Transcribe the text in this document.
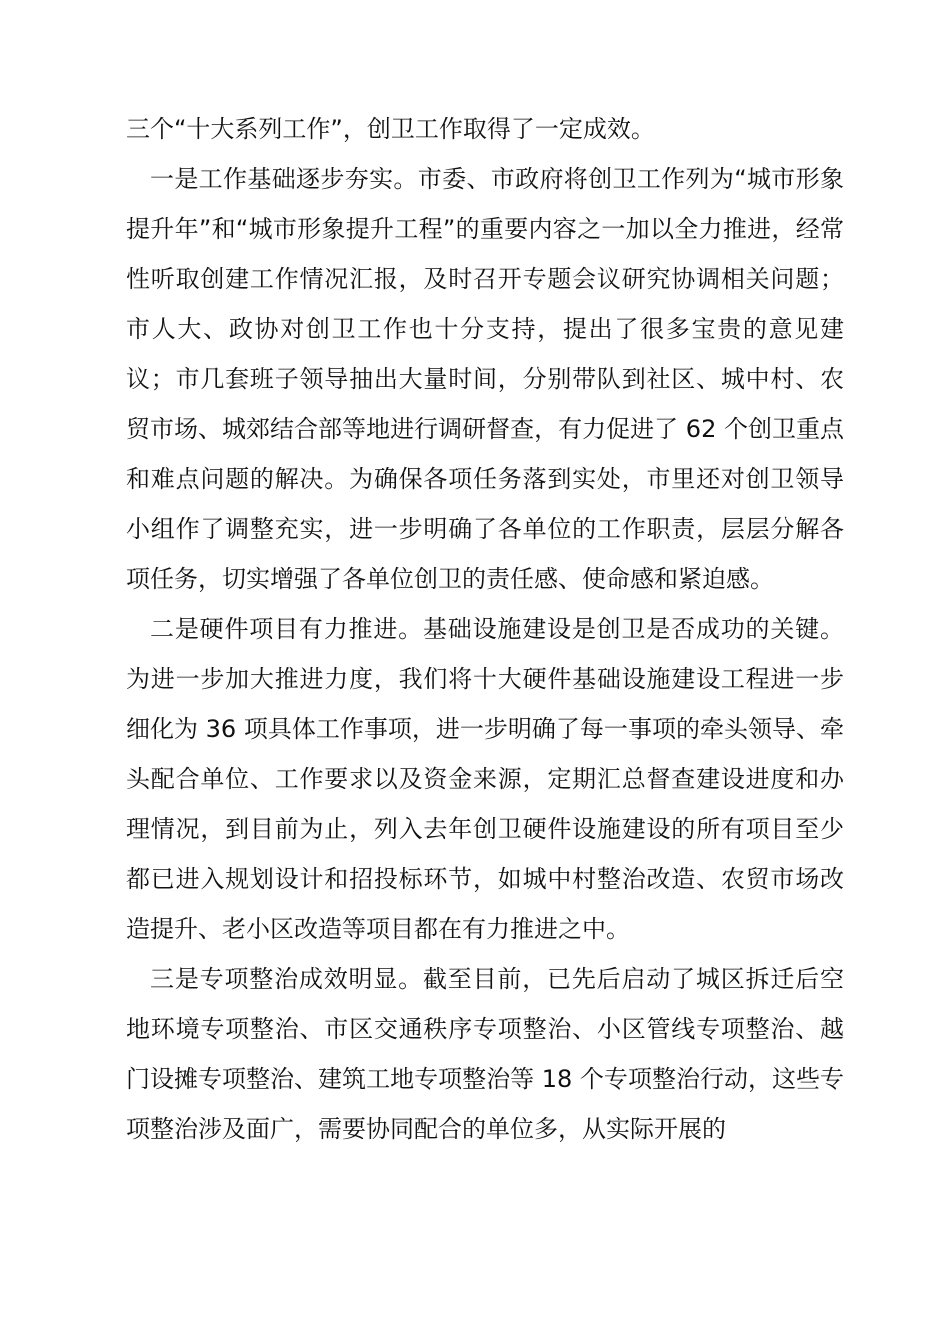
三个“十大系列工作”，创卫工作取得了一定成效。

一是工作基础逐步夯实。市委、市政府将创卫工作列为“城市形象提升年”和“城市形象提升工程”的重要内容之一加以全力推进，经常性听取创建工作情况汇报，及时召开专题会议研究协调相关问题；市人大、政协对创卫工作也十分支持，提出了很多宝贵的意见建议；市几套班子领导抽出大量时间，分别带队到社区、城中村、农贸市场、城郊结合部等地进行调研督查，有力促进了 62 个创卫重点和难点问题的解决。为确保各项任务落到实处，市里还对创卫领导小组作了调整充实，进一步明确了各单位的工作职责，层层分解各项任务，切实增强了各单位创卫的责任感、使命感和紧迫感。

二是硬件项目有力推进。基础设施建设是创卫是否成功的关键。为进一步加大推进力度，我们将十大硬件基础设施建设工程进一步细化为 36 项具体工作事项，进一步明确了每一事项的牵头领导、牵头配合单位、工作要求以及资金来源，定期汇总督查建设进度和办理情况，到目前为止，列入去年创卫硬件设施建设的所有项目至少都已进入规划设计和招投标环节，如城中村整治改造、农贸市场改造提升、老小区改造等项目都在有力推进之中。

三是专项整治成效明显。截至目前，已先后启动了城区拆迁后空地环境专项整治、市区交通秩序专项整治、小区管线专项整治、越门设摊专项整治、建筑工地专项整治等 18 个专项整治行动，这些专项整治涉及面广，需要协同配合的单位多，从实际开展的
